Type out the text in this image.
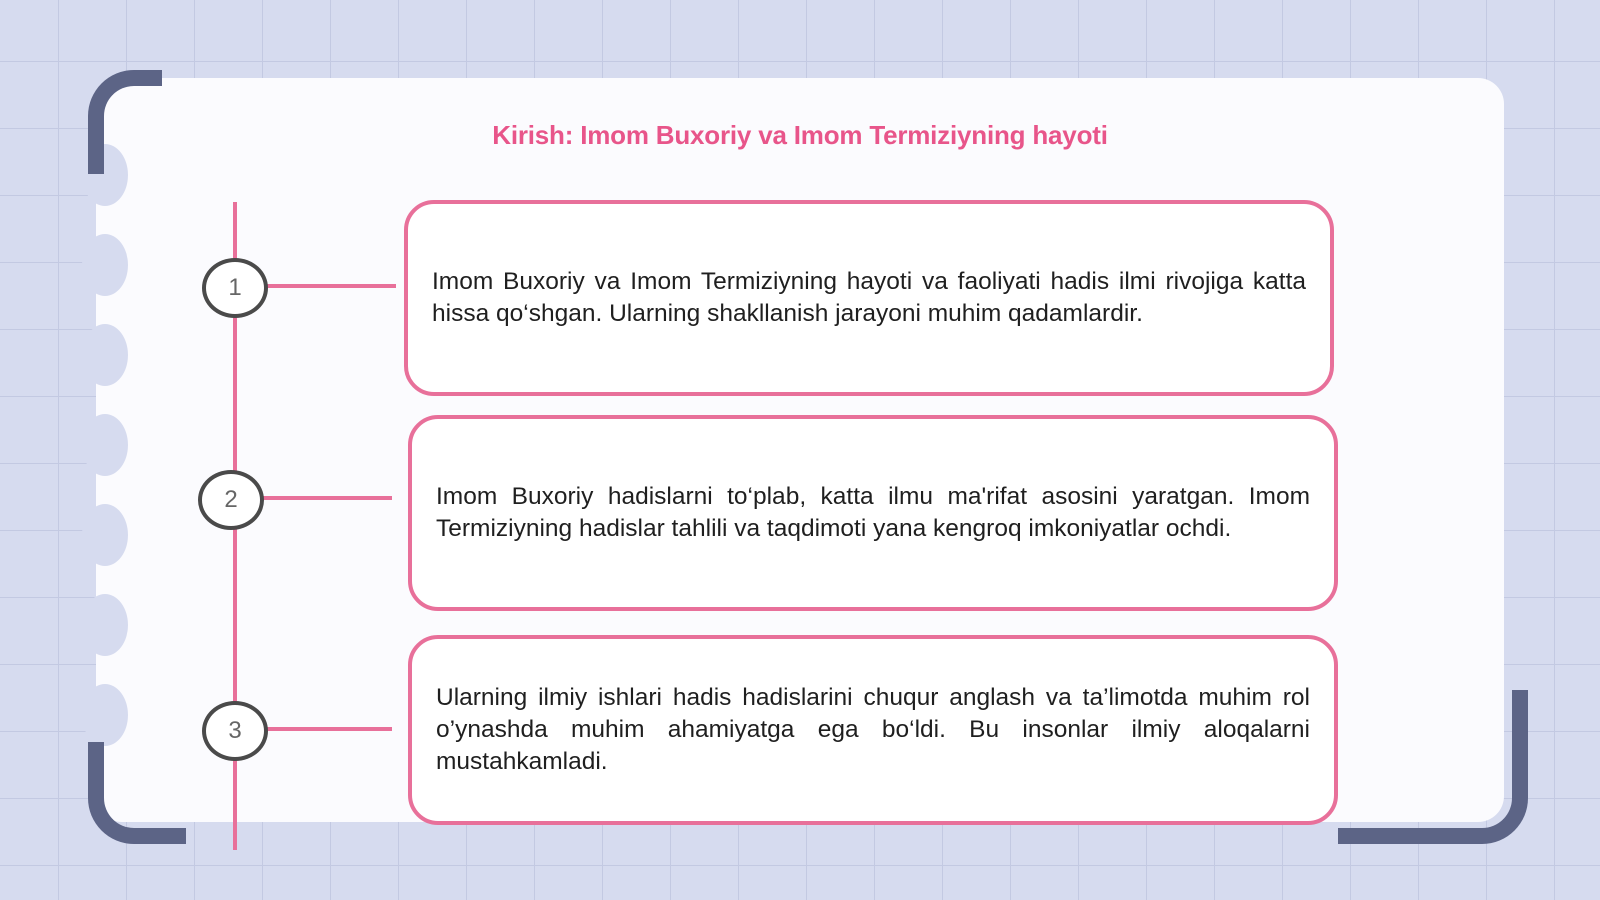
Kirish: Imom Buxoriy va Imom Termiziyning hayoti
1	Imom Buxoriy va Imom Termiziyning hayoti va faoliyati hadis ilmi rivojiga katta hissa qo‘shgan. Ularning shakllanish jarayoni muhim qadamlardir.
2	Imom Buxoriy hadislarni to‘plab, katta ilmu ma'rifat asosini yaratgan. Imom Termiziyning hadislar tahlili va taqdimoti yana kengroq imkoniyatlar ochdi.
3
Ularning ilmiy ishlari hadis hadislarini chuqur anglash va ta’limotda muhim rol o’ynashda muhim ahamiyatga ega bo‘ldi. Bu insonlar ilmiy aloqalarni mustahkamladi.
